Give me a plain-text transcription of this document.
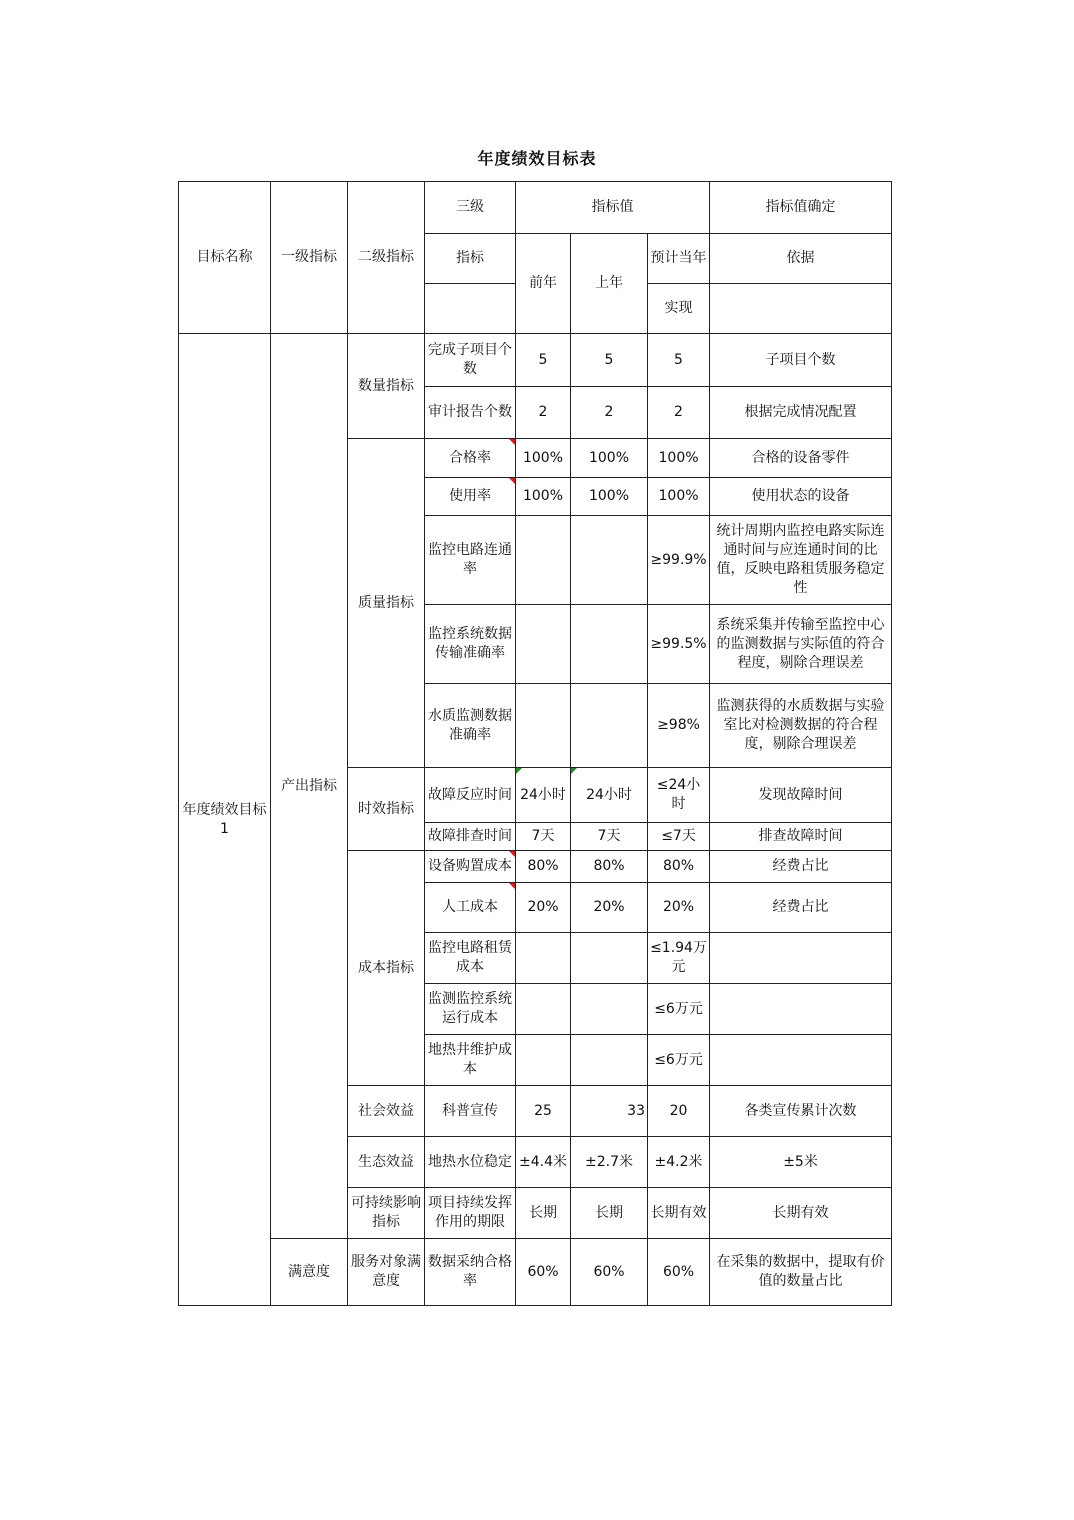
年度绩效目标表
目标名称	一级指标	二级指标	三级	指标值			指标值确定
			指标	前年	上年	预计当年	依据
						实现	
年度绩效目标1	产出指标	数量指标	完成子项目个数	5	5	5	子项目个数
			审计报告个数	2	2	2	根据完成情况配置
		质量指标	合格率	100%	100%	100%	合格的设备零件
			使用率	100%	100%	100%	使用状态的设备
			监控电路连通率			≥99.9%	统计周期内监控电路实际连通时间与应连通时间的比值，反映电路租赁服务稳定性
			监控系统数据传输准确率			≥99.5%	系统采集并传输至监控中心的监测数据与实际值的符合程度，剔除合理误差
			水质监测数据准确率			≥98%	监测获得的水质数据与实验室比对检测数据的符合程度，剔除合理误差
		时效指标	故障反应时间	24小时	24小时	≤24小时	发现故障时间
			故障排查时间	7天	7天	≤7天	排查故障时间
		成本指标	设备购置成本	80%	80%	80%	经费占比
			人工成本	20%	20%	20%	经费占比
			监控电路租赁成本			≤1.94万元	
			监测监控系统运行成本			≤6万元	
			地热井维护成本			≤6万元	
		社会效益	科普宣传	25	33	20	各类宣传累计次数
		生态效益	地热水位稳定	±4.4米	±2.7米	±4.2米	±5米
		可持续影响指标	项目持续发挥作用的期限	长期	长期	长期有效	长期有效
	满意度	服务对象满意度	数据采纳合格率	60%	60%	60%	在采集的数据中，提取有价值的数量占比
